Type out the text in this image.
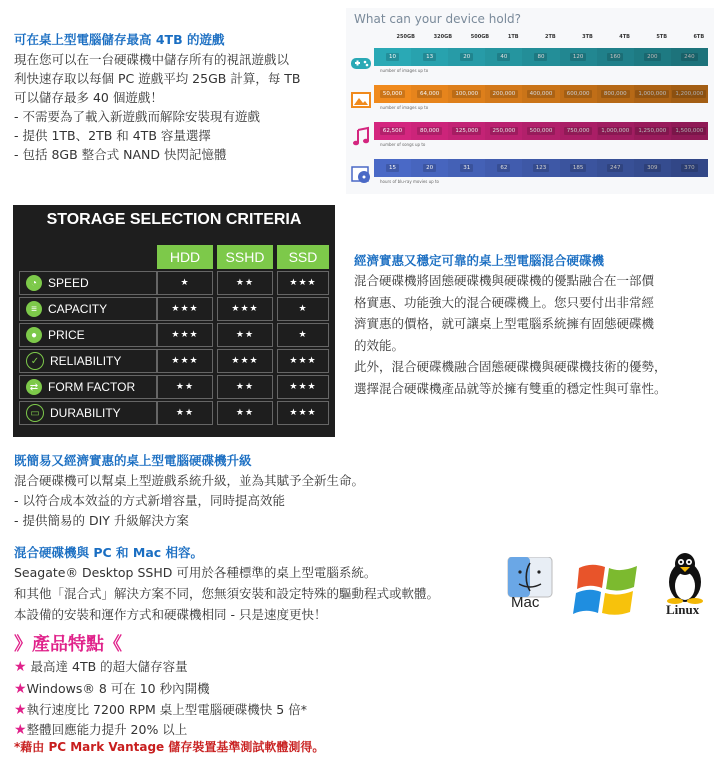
可在桌上型電腦儲存最高 4TB 的遊戲
現在您可以在一台硬碟機中儲存所有的視訊遊戲以
利快速存取以每個 PC 遊戲平均 25GB 計算，每 TB
可以儲存最多 40 個遊戲！
- 不需要為了載入新遊戲而解除安裝現有遊戲
- 提供 1TB、2TB 和 4TB 容量選擇
- 包括 8GB 整合式 NAND 快閃記憶體
What can your device hold?
250GB	320GB	500GB	1TB	2TB	3TB	4TB	5TB	6TB
10	13	20	40	80	120	160	200	240
number of images up to
50,000	64,000	100,000	200,000	400,000	600,000	800,000	1,000,000	1,200,000
number of images up to
62,500	80,000	125,000	250,000	500,000	750,000	1,000,000	1,250,000	1,500,000
number of songs up to
15	20	31	62	123	185	247	309	370
hours of blu-ray movies up to
STORAGE SELECTION CRITERIA
HDD	SSHD	SSD
◔ SPEED	★	★★	★★★
≡ CAPACITY	★★★	★★★	★
● PRICE	★★★	★★	★
✓ RELIABILITY	★★★	★★★	★★★
⇄ FORM FACTOR	★★	★★	★★★
▭ DURABILITY	★★	★★	★★★
經濟實惠又穩定可靠的桌上型電腦混合硬碟機
混合硬碟機將固態硬碟機與硬碟機的優點融合在一部價
格實惠、功能強大的混合硬碟機上。您只要付出非常經
濟實惠的價格，就可讓桌上型電腦系統擁有固態硬碟機
的效能。
此外，混合硬碟機融合固態硬碟機與硬碟機技術的優勢，
選擇混合硬碟機產品就等於擁有雙重的穩定性與可靠性。
既簡易又經濟實惠的桌上型電腦硬碟機升級
混合硬碟機可以幫桌上型遊戲系統升級，並為其賦予全新生命。
- 以符合成本效益的方式新增容量，同時提高效能
- 提供簡易的 DIY 升級解決方案
混合硬碟機與 PC 和 Mac 相容。
Seagate® Desktop SSHD 可用於各種標準的桌上型電腦系統。
和其他「混合式」解決方案不同，您無須安裝和設定特殊的驅動程式或軟體。
本設備的安裝和運作方式和硬碟機相同 - 只是速度更快！
Mac	Linux
》產品特點《
★ 最高達 4TB 的超大儲存容量
★Windows® 8 可在 10 秒內開機
★執行速度比 7200 RPM 桌上型電腦硬碟機快 5 倍*
★整體回應能力提升 20% 以上
*藉由 PC Mark Vantage 儲存裝置基準測試軟體測得。
